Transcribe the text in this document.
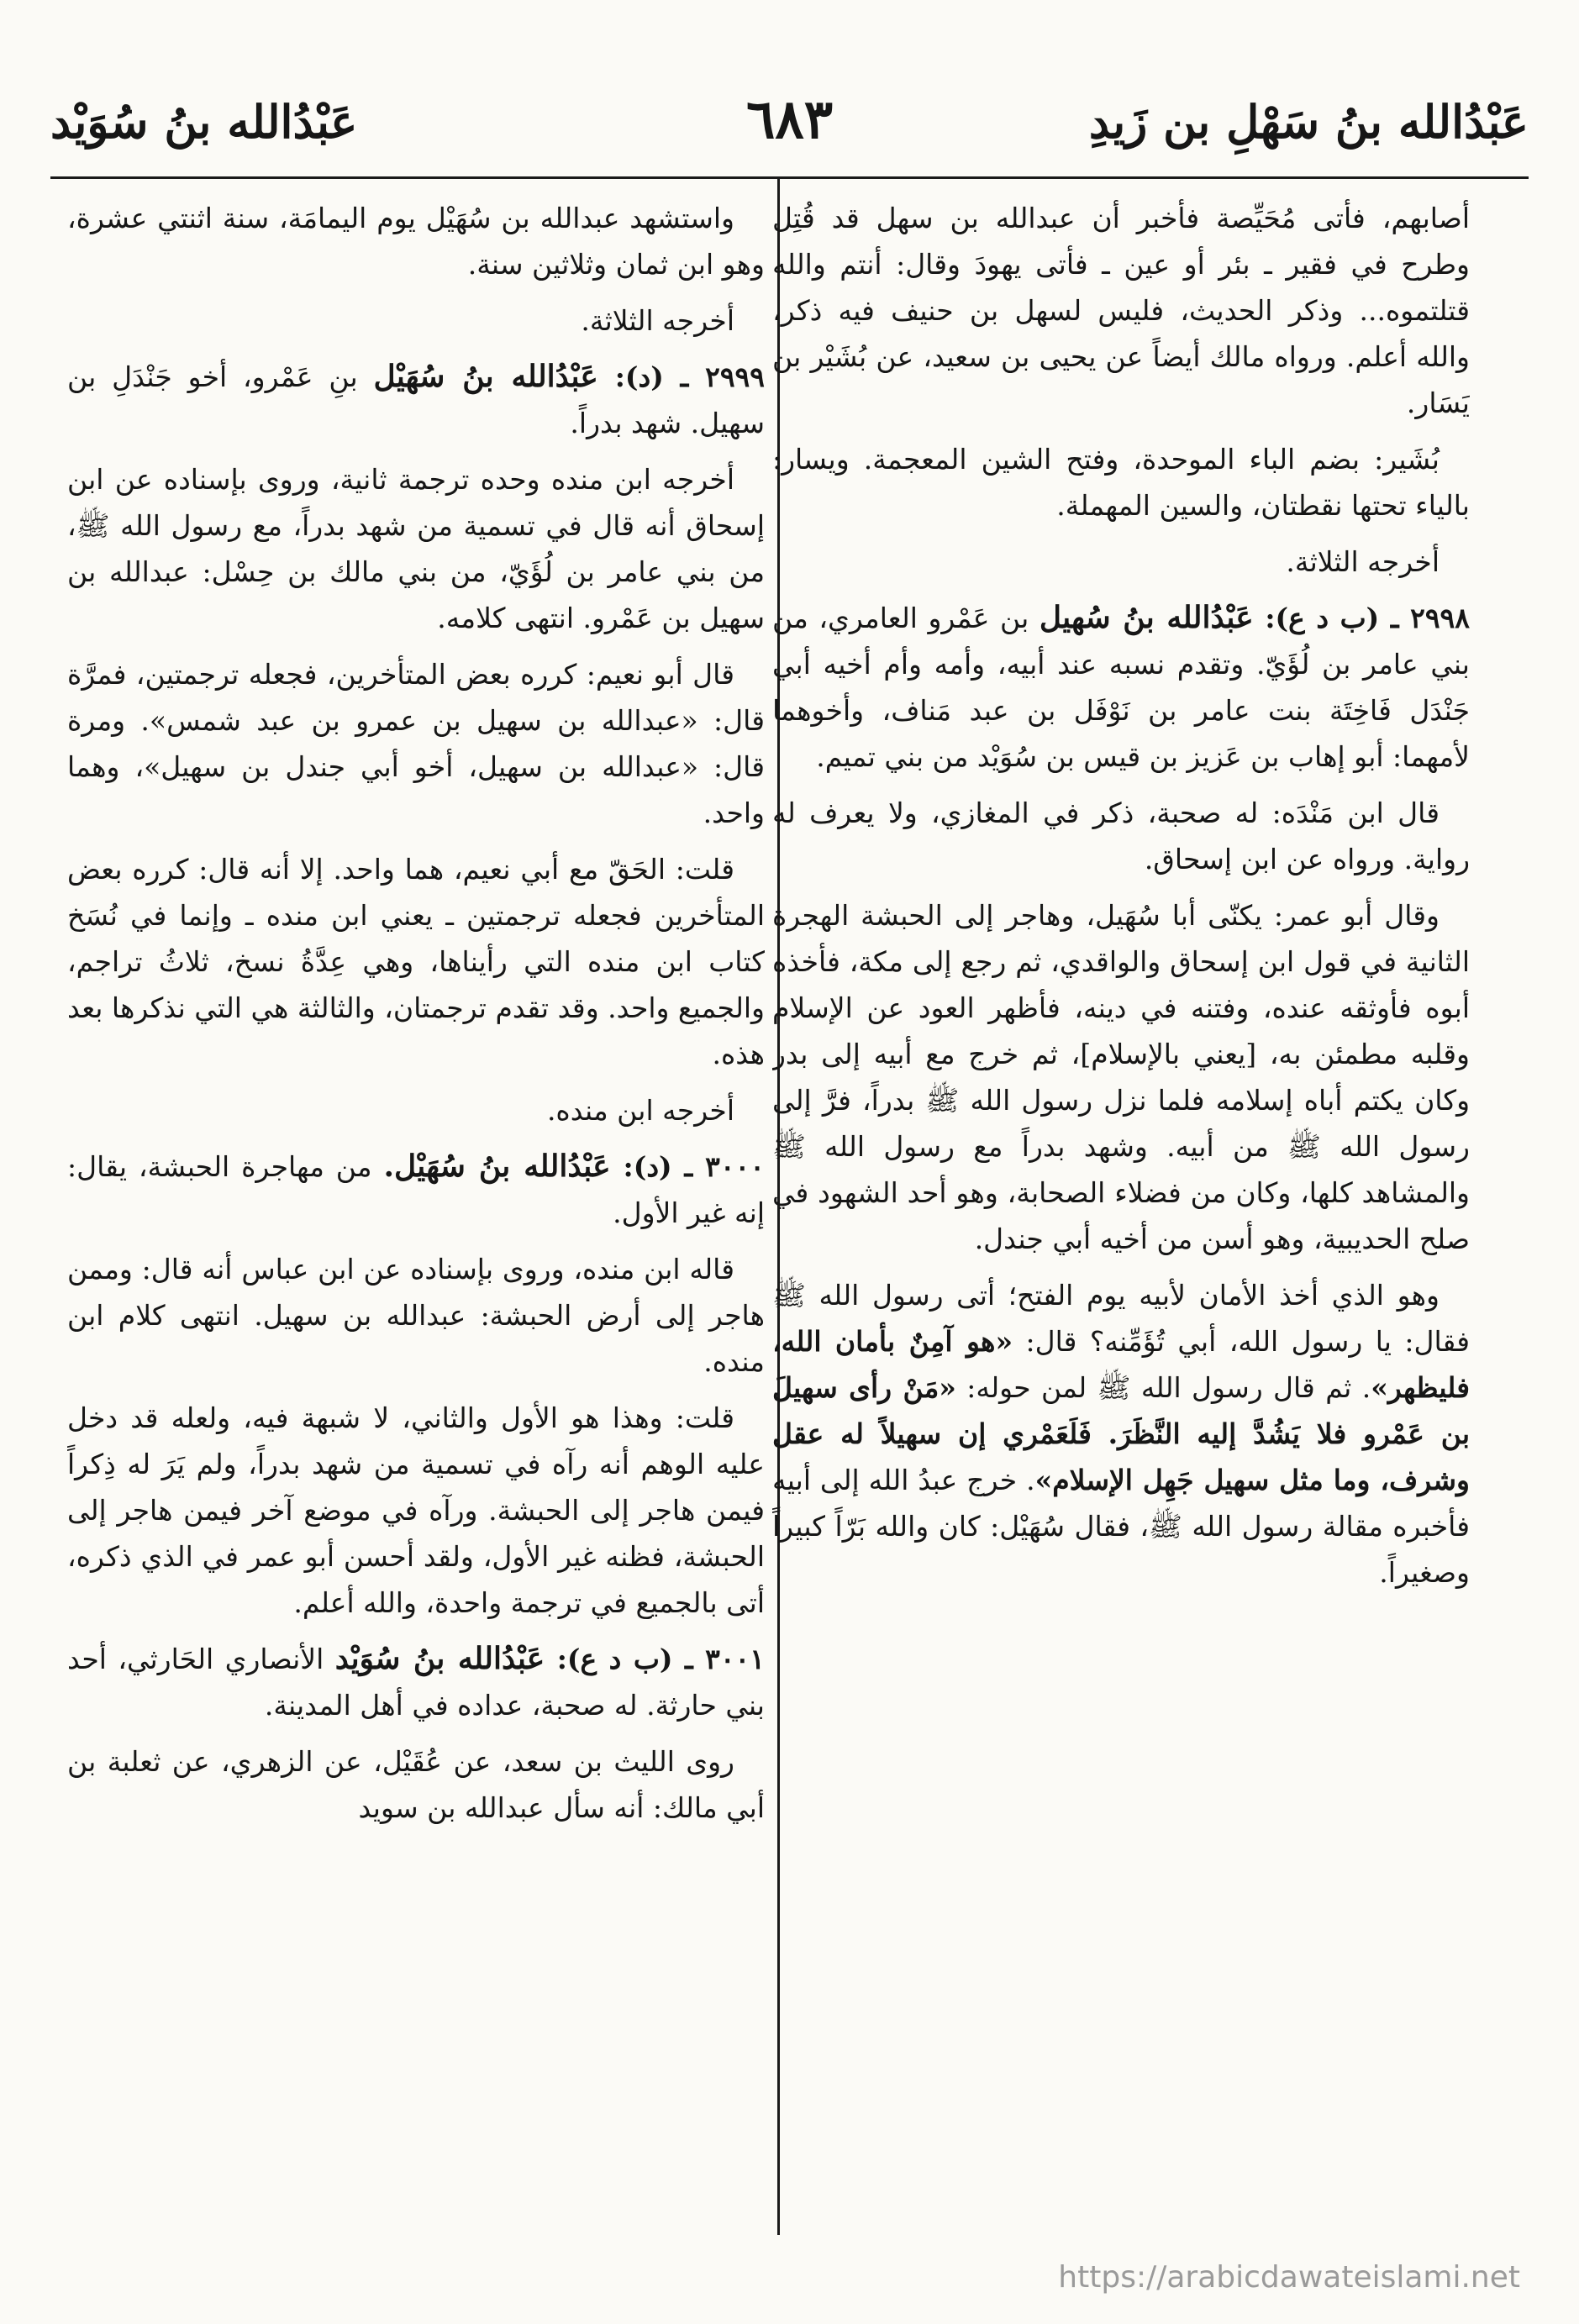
عَبْدُالله بنُ سَهْلِ بن زَيدِ
٦٨٣
عَبْدُالله بنُ سُوَيْد

أصابهم، فأتى مُحَيِّصة فأخبر أن عبدالله بن سهل قد قُتِل وطرح في فقير ـ بئر أو عين ـ فأتى يهودَ وقال: أنتم والله قتلتموه... وذكر الحديث، فليس لسهل بن حنيف فيه ذكر، والله أعلم. ورواه مالك أيضاً عن يحيى بن سعيد، عن بُشَيْر بن يَسَار.

بُشَير: بضم الباء الموحدة، وفتح الشين المعجمة. ويسار: بالياء تحتها نقطتان، والسين المهملة.

أخرجه الثلاثة.

٢٩٩٨ ـ (ب د ع): عَبْدُالله بنُ سُهيل بن عَمْرو العامري، من بني عامر بن لُؤَيّ. وتقدم نسبه عند أبيه، وأمه وأم أخيه أبي جَنْدَل فَاخِتَة بنت عامر بن نَوْفَل بن عبد مَناف، وأخوهما لأمهما: أبو إهاب بن عَزيز بن قيس بن سُوَيْد من بني تميم.

قال ابن مَنْدَه: له صحبة، ذكر في المغازي، ولا يعرف له رواية. ورواه عن ابن إسحاق.

وقال أبو عمر: يكنّى أبا سُهَيل، وهاجر إلى الحبشة الهجرة الثانية في قول ابن إسحاق والواقدي، ثم رجع إلى مكة، فأخذه أبوه فأوثقه عنده، وفتنه في دينه، فأظهر العود عن الإسلام وقلبه مطمئن به، [يعني بالإسلام]، ثم خرج مع أبيه إلى بدر وكان يكتم أباه إسلامه فلما نزل رسول الله ﷺ بدراً، فرَّ إلى رسول الله ﷺ من أبيه. وشهد بدراً مع رسول الله ﷺ والمشاهد كلها، وكان من فضلاء الصحابة، وهو أحد الشهود في صلح الحديبية، وهو أسن من أخيه أبي جندل.

وهو الذي أخذ الأمان لأبيه يوم الفتح؛ أتى رسول الله ﷺ فقال: يا رسول الله، أبي تُؤَمِّنه؟ قال: «هو آمِنٌ بأمان الله، فليظهر». ثم قال رسول الله ﷺ لمن حوله: «مَنْ رأى سهيلَ بن عَمْرو فلا يَشُدَّ إليه النَّظَرَ. فَلَعَمْري إن سهيلاً له عقل وشرف، وما مثل سهيل جَهِل الإسلام». خرج عبدُ الله إلى أبيه فأخبره مقالة رسول الله ﷺ، فقال سُهَيْل: كان والله بَرّاً كبيراً وصغيراً.

واستشهد عبدالله بن سُهَيْل يوم اليمامَة، سنة اثنتي عشرة، وهو ابن ثمان وثلاثين سنة.

أخرجه الثلاثة.

٢٩٩٩ ـ (د): عَبْدُالله بنُ سُهَيْل بنِ عَمْرو، أخو جَنْدَلِ بن سهيل. شهد بدراً.

أخرجه ابن منده وحده ترجمة ثانية، وروى بإسناده عن ابن إسحاق أنه قال في تسمية من شهد بدراً، مع رسول الله ﷺ، من بني عامر بن لُؤَيّ، من بني مالك بن حِسْل: عبدالله بن سهيل بن عَمْرو. انتهى كلامه.

قال أبو نعيم: كرره بعض المتأخرين، فجعله ترجمتين، فمرَّة قال: «عبدالله بن سهيل بن عمرو بن عبد شمس». ومرة قال: «عبدالله بن سهيل، أخو أبي جندل بن سهيل»، وهما واحد.

قلت: الحَقّ مع أبي نعيم، هما واحد. إلا أنه قال: كرره بعض المتأخرين فجعله ترجمتين ـ يعني ابن منده ـ وإنما في نُسَخ كتاب ابن منده التي رأيناها، وهي عِدَّةُ نسخ، ثلاثُ تراجم، والجميع واحد. وقد تقدم ترجمتان، والثالثة هي التي نذكرها بعد هذه.

أخرجه ابن منده.

٣٠٠٠ ـ (د): عَبْدُالله بنُ سُهَيْل. من مهاجرة الحبشة، يقال: إنه غير الأول.

قاله ابن منده، وروى بإسناده عن ابن عباس أنه قال: وممن هاجر إلى أرض الحبشة: عبدالله بن سهيل. انتهى كلام ابن منده.

قلت: وهذا هو الأول والثاني، لا شبهة فيه، ولعله قد دخل عليه الوهم أنه رآه في تسمية من شهد بدراً، ولم يَرَ له ذِكراً فيمن هاجر إلى الحبشة. ورآه في موضع آخر فيمن هاجر إلى الحبشة، فظنه غير الأول، ولقد أحسن أبو عمر في الذي ذكره، أتى بالجميع في ترجمة واحدة، والله أعلم.

٣٠٠١ ـ (ب د ع): عَبْدُالله بنُ سُوَيْد الأنصاري الحَارثي، أحد بني حارثة. له صحبة، عداده في أهل المدينة.

روى الليث بن سعد، عن عُقَيْل، عن الزهري، عن ثعلبة بن أبي مالك: أنه سأل عبدالله بن سويد

https://arabicdawateislami.net
